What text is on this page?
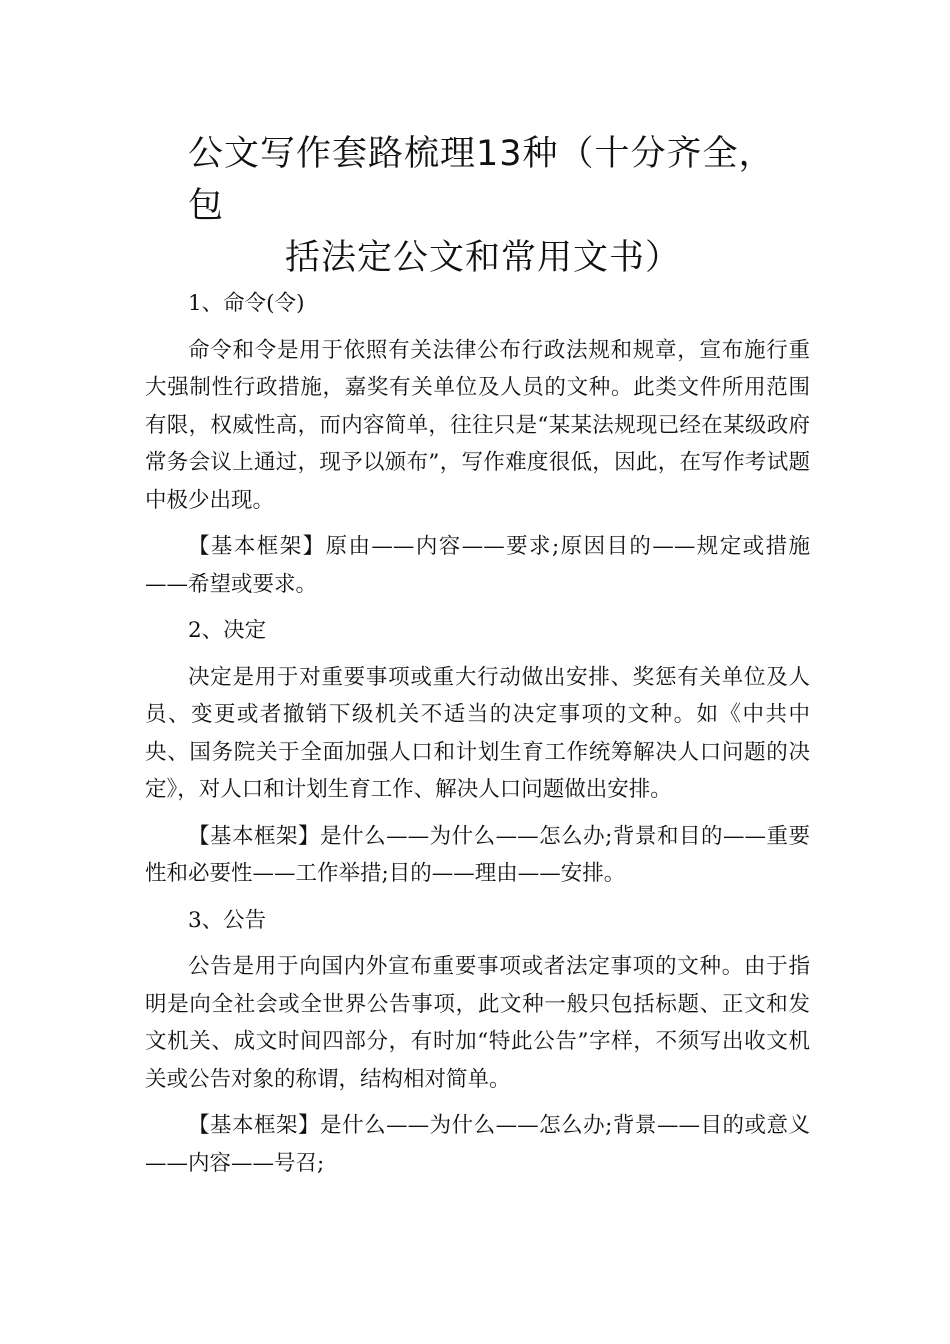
公文写作套路梳理13种（十分齐全，包
括法定公文和常用文书）

1、命令(令)

命令和令是用于依照有关法律公布行政法规和规章，宣布施行重大强制性行政措施，嘉奖有关单位及人员的文种。此类文件所用范围有限，权威性高，而内容简单，往往只是“某某法规现已经在某级政府常务会议上通过，现予以颁布”，写作难度很低，因此，在写作考试题中极少出现。

【基本框架】原由——内容——要求;原因目的——规定或措施——希望或要求。

2、决定

决定是用于对重要事项或重大行动做出安排、奖惩有关单位及人员、变更或者撤销下级机关不适当的决定事项的文种。如《中共中央、国务院关于全面加强人口和计划生育工作统筹解决人口问题的决定》，对人口和计划生育工作、解决人口问题做出安排。

【基本框架】是什么——为什么——怎么办;背景和目的——重要性和必要性——工作举措;目的——理由——安排。

3、公告

公告是用于向国内外宣布重要事项或者法定事项的文种。由于指明是向全社会或全世界公告事项，此文种一般只包括标题、正文和发文机关、成文时间四部分，有时加“特此公告”字样，不须写出收文机关或公告对象的称谓，结构相对简单。

【基本框架】是什么——为什么——怎么办;背景——目的或意义——内容——号召;
